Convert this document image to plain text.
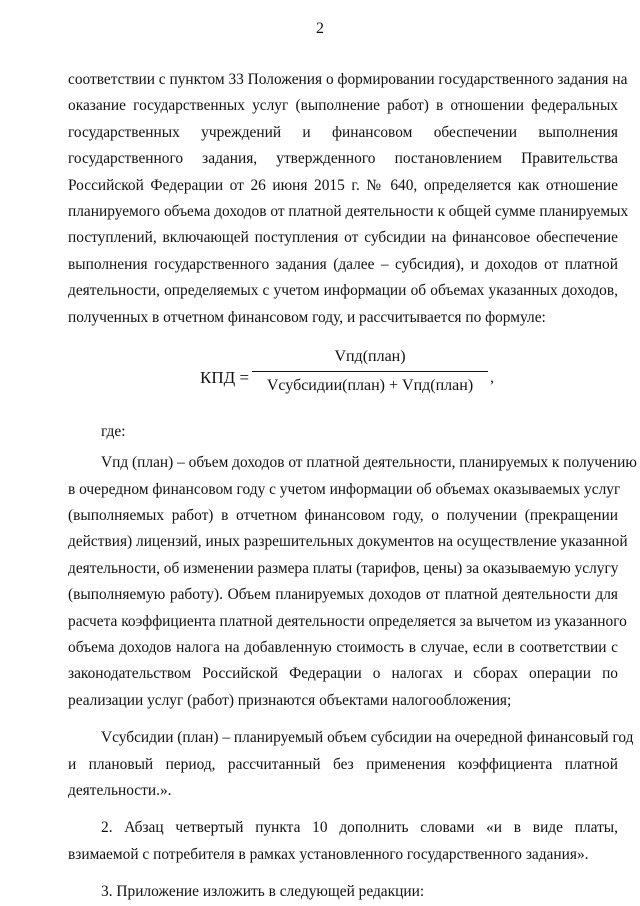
2
соответствии с пунктом 33 Положения о формировании государственного задания на
оказание государственных услуг (выполнение работ) в отношении федеральных
государственных учреждений и финансовом обеспечении выполнения
государственного задания, утвержденного постановлением Правительства
Российской Федерации от 26 июня 2015 г. № 640, определяется как отношение
планируемого объема доходов от платной деятельности к общей сумме планируемых
поступлений, включающей поступления от субсидии на финансовое обеспечение
выполнения государственного задания (далее – субсидия), и доходов от платной
деятельности, определяемых с учетом информации об объемах указанных доходов,
полученных в отчетном финансовом году, и рассчитывается по формуле:
КПД =
Vпд(план)
Vсубсидии(план) + Vпд(план)	,
где:
Vпд (план) – объем доходов от платной деятельности, планируемых к получению
в очередном финансовом году с учетом информации об объемах оказываемых услуг
(выполняемых работ) в отчетном финансовом году, о получении (прекращении
действия) лицензий, иных разрешительных документов на осуществление указанной
деятельности, об изменении размера платы (тарифов, цены) за оказываемую услугу
(выполняемую работу). Объем планируемых доходов от платной деятельности для
расчета коэффициента платной деятельности определяется за вычетом из указанного
объема доходов налога на добавленную стоимость в случае, если в соответствии с
законодательством Российской Федерации о налогах и сборах операции по
реализации услуг (работ) признаются объектами налогообложения;
Vсубсидии (план) – планируемый объем субсидии на очередной финансовый год
и плановый период, рассчитанный без применения коэффициента платной
деятельности.».
2. Абзац четвертый пункта 10 дополнить словами «и в виде платы,
взимаемой с потребителя в рамках установленного государственного задания».
3. Приложение изложить в следующей редакции:
